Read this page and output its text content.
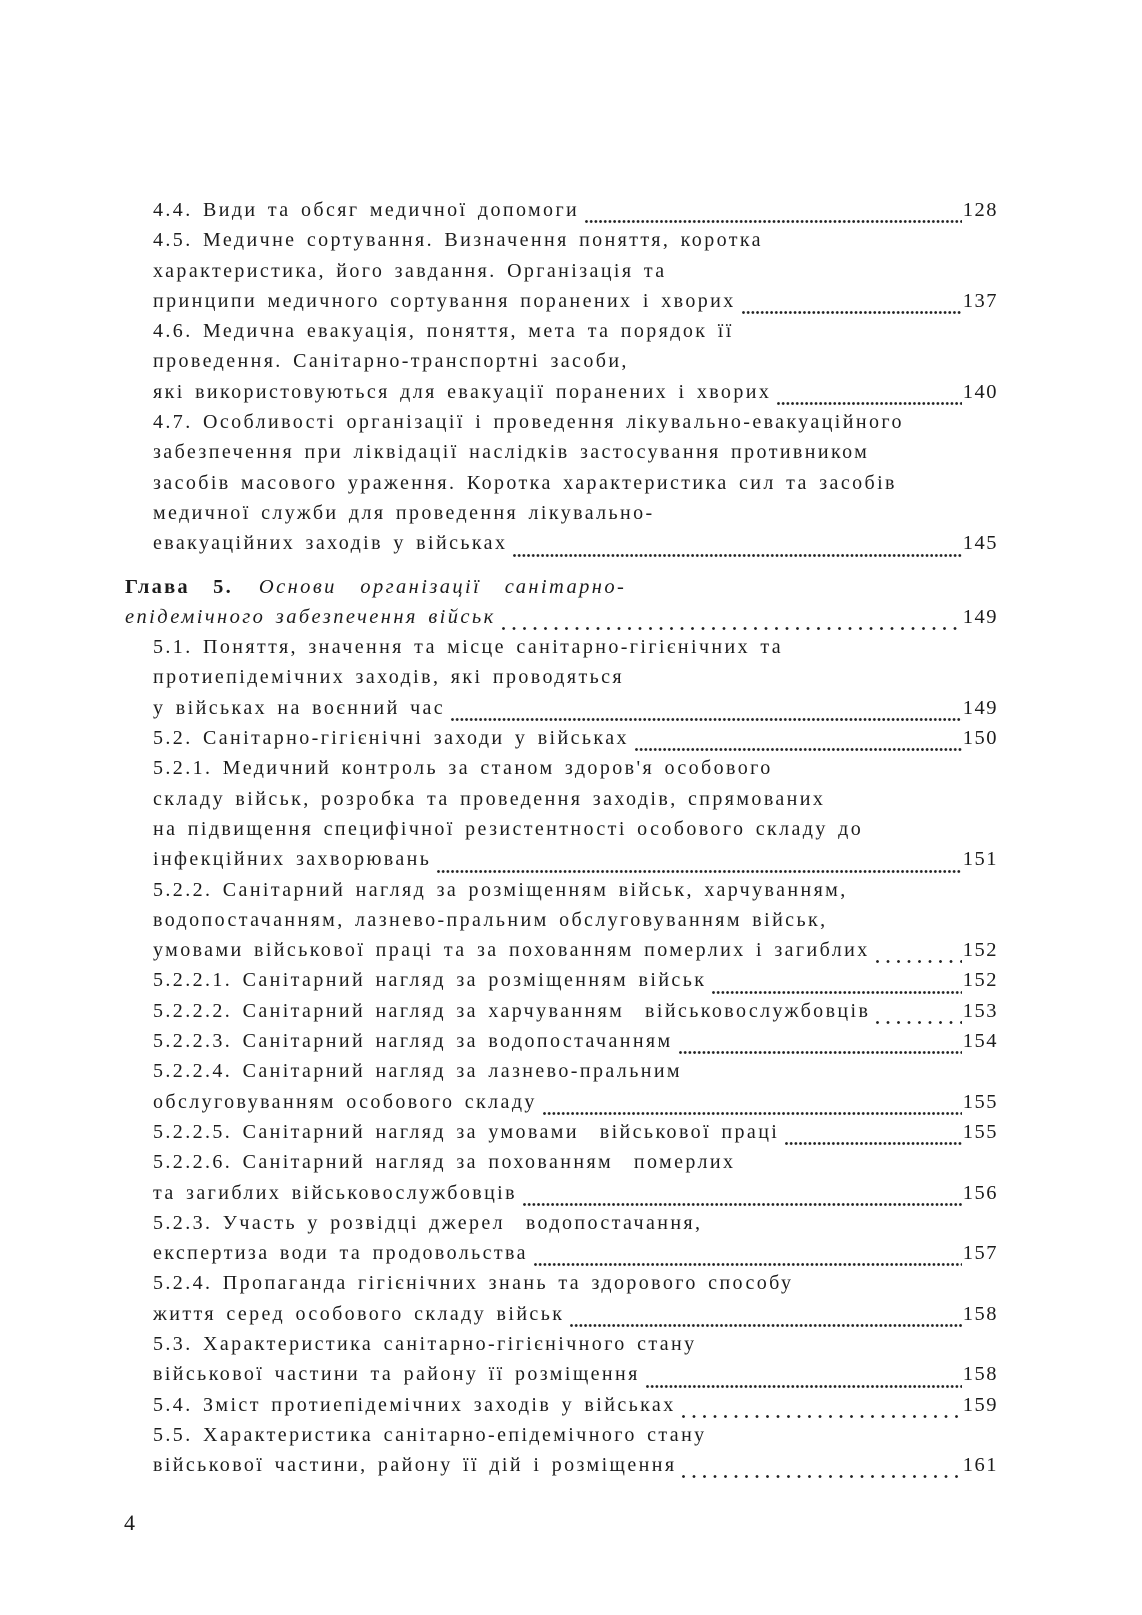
4.4. Види та обсяг медичної допомоги	128
4.5. Медичне сортування. Визначення поняття, коротка
характеристика, його завдання. Організація та
принципи медичного сортування поранених і хворих	137
4.6. Медична евакуація, поняття, мета та порядок її
проведення. Санітарно-транспортні засоби,
які використовуються для евакуації поранених і хворих	140
4.7. Особливості організації і проведення лікувально-евакуаційного
забезпечення при ліквідації наслідків застосування противником
засобів масового ураження. Коротка характеристика сил та засобів
медичної служби для проведення лікувально-
евакуаційних заходів у військах	145
Глава 5. Основи організації санітарно-
епідемічного забезпечення військ	149
5.1. Поняття, значення та місце санітарно-гігієнічних та
протиепідемічних заходів, які проводяться
у військах на воєнний час	149
5.2. Санітарно-гігієнічні заходи у військах	150
5.2.1. Медичний контроль за станом здоров'я особового
складу військ, розробка та проведення заходів, спрямованих
на підвищення специфічної резистентності особового складу до
інфекційних захворювань	151
5.2.2. Санітарний нагляд за розміщенням військ, харчуванням,
водопостачанням, лазнево-пральним обслуговуванням військ,
умовами військової праці та за похованням померлих і загиблих	152
5.2.2.1. Санітарний нагляд за розміщенням військ	152
5.2.2.2. Санітарний нагляд за харчуванням  військовослужбовців	153
5.2.2.3. Санітарний нагляд за водопостачанням	154
5.2.2.4. Санітарний нагляд за лазнево-пральним
обслуговуванням особового складу	155
5.2.2.5. Санітарний нагляд за умовами  військової праці	155
5.2.2.6. Санітарний нагляд за похованням  померлих
та загиблих військовослужбовців	156
5.2.3. Участь у розвідці джерел  водопостачання,
експертиза води та продовольства	157
5.2.4. Пропаганда гігієнічних знань та здорового способу
життя серед особового складу військ	158
5.3. Характеристика санітарно-гігієнічного стану
військової частини та району її розміщення	158
5.4. Зміст протиепідемічних заходів у військах	159
5.5. Характеристика санітарно-епідемічного стану
військової частини, району її дій і розміщення	161
4
